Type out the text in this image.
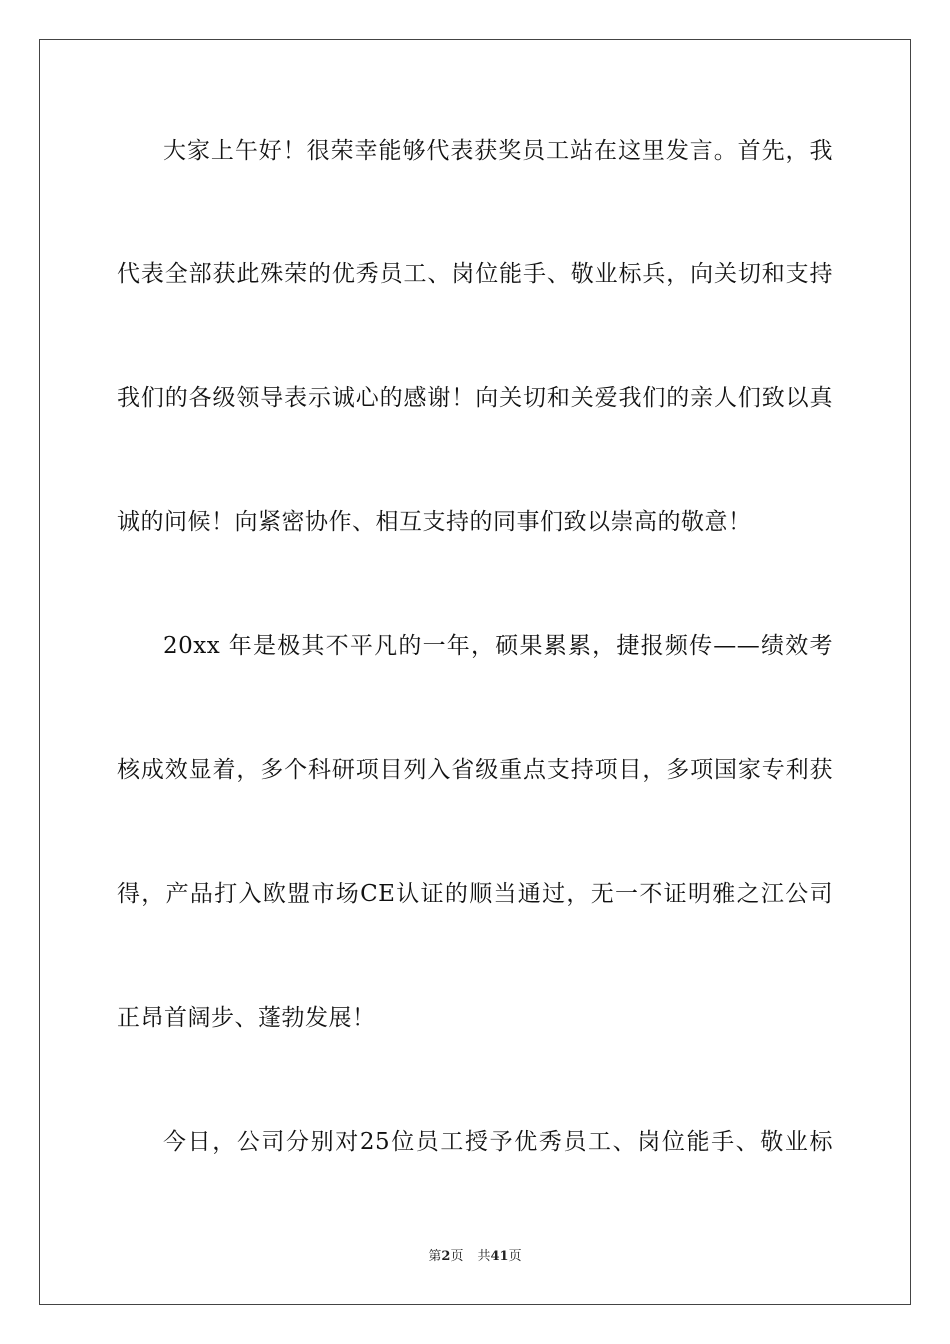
大家上午好！很荣幸能够代表获奖员工站在这里发言。首先，我
代表全部获此殊荣的优秀员工、岗位能手、敬业标兵，向关切和支持
我们的各级领导表示诚心的感谢！向关切和关爱我们的亲人们致以真
诚的问候！向紧密协作、相互支持的同事们致以崇高的敬意！
20xx 年是极其不平凡的一年，硕果累累，捷报频传——绩效考
核成效显着，多个科研项目列入省级重点支持项目，多项国家专利获
得，产品打入欧盟市场CE认证的顺当通过，无一不证明雅之江公司
正昂首阔步、蓬勃发展！
今日，公司分别对25位员工授予优秀员工、岗位能手、敬业标
第2页 共41页
